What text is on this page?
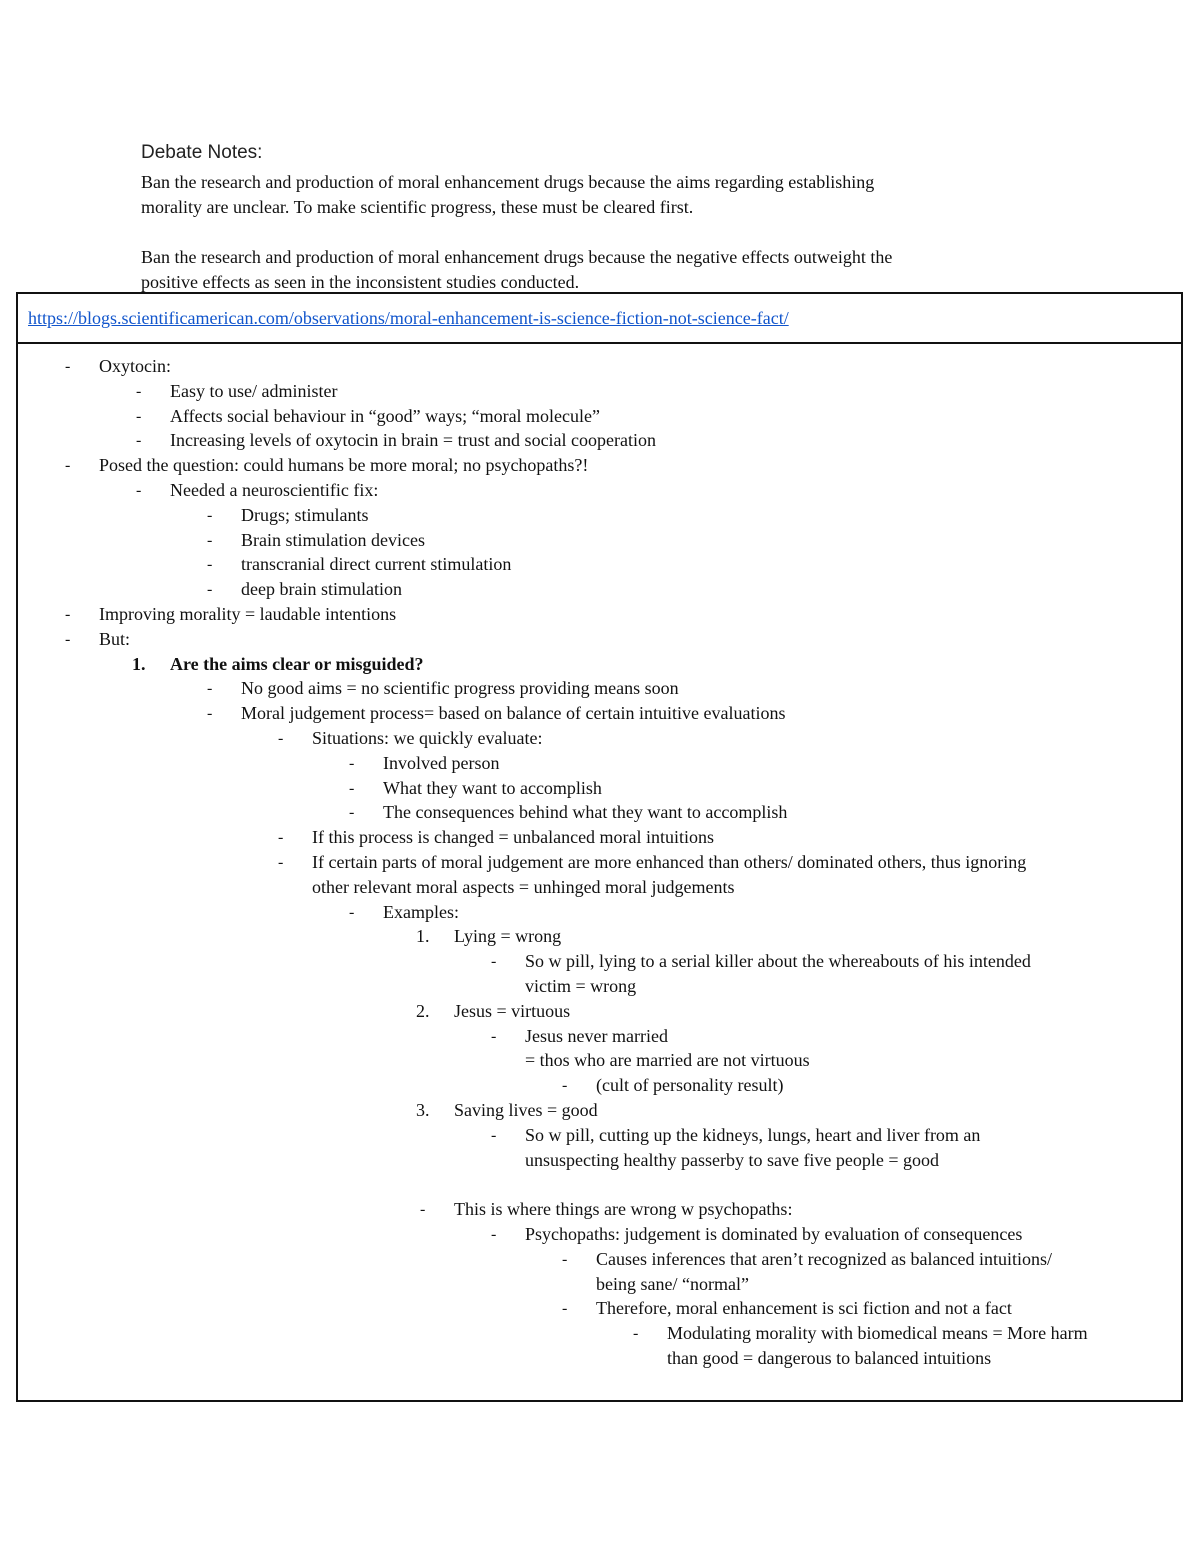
Debate Notes:
Ban the research and production of moral enhancement drugs because the aims regarding establishing
morality are unclear. To make scientific progress, these must be cleared first.
Ban the research and production of moral enhancement drugs because the negative effects outweight the
positive effects as seen in the inconsistent studies conducted.
https://blogs.scientificamerican.com/observations/moral-enhancement-is-science-fiction-not-science-fact/
- Oxytocin:
- Easy to use/ administer
- Affects social behaviour in “good” ways; “moral molecule”
- Increasing levels of oxytocin in brain = trust and social cooperation
- Posed the question: could humans be more moral; no psychopaths?!
- Needed a neuroscientific fix:
- Drugs; stimulants
- Brain stimulation devices
- transcranial direct current stimulation
- deep brain stimulation
- Improving morality = laudable intentions
- But:
1. Are the aims clear or misguided?
- No good aims = no scientific progress providing means soon
- Moral judgement process= based on balance of certain intuitive evaluations
- Situations: we quickly evaluate:
- Involved person
- What they want to accomplish
- The consequences behind what they want to accomplish
- If this process is changed = unbalanced moral intuitions
- If certain parts of moral judgement are more enhanced than others/ dominated others, thus ignoring
other relevant moral aspects = unhinged moral judgements
- Examples:
1. Lying = wrong
- So w pill, lying to a serial killer about the whereabouts of his intended
victim = wrong
2. Jesus = virtuous
- Jesus never married
= thos who are married are not virtuous
- (cult of personality result)
3. Saving lives = good
- So w pill, cutting up the kidneys, lungs, heart and liver from an
unsuspecting healthy passerby to save five people = good
- This is where things are wrong w psychopaths:
- Psychopaths: judgement is dominated by evaluation of consequences
- Causes inferences that aren’t recognized as balanced intuitions/
being sane/ “normal”
- Therefore, moral enhancement is sci fiction and not a fact
- Modulating morality with biomedical means = More harm
than good = dangerous to balanced intuitions
